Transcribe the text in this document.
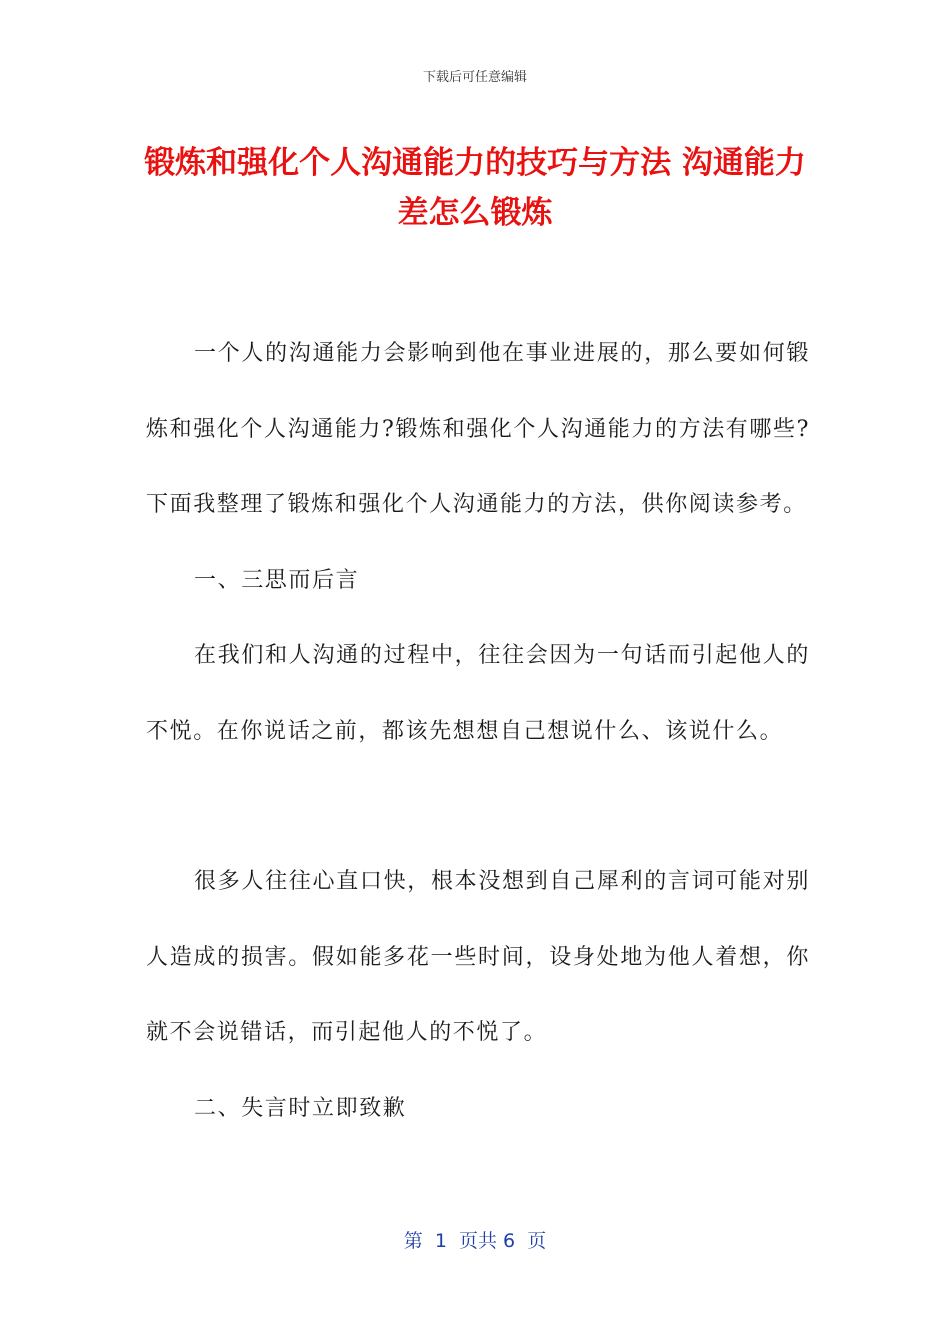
下载后可任意编辑
锻炼和强化个人沟通能力的技巧与方法 沟通能力差怎么锻炼

一个人的沟通能力会影响到他在事业进展的，那么要如何锻炼和强化个人沟通能力?锻炼和强化个人沟通能力的方法有哪些?下面我整理了锻炼和强化个人沟通能力的方法，供你阅读参考。

一、三思而后言

在我们和人沟通的过程中，往往会因为一句话而引起他人的不悦。在你说话之前，都该先想想自己想说什么、该说什么。

很多人往往心直口快，根本没想到自己犀利的言词可能对别人造成的损害。假如能多花一些时间，设身处地为他人着想，你就不会说错话，而引起他人的不悦了。

二、失言时立即致歉

第  1  页共 6  页
